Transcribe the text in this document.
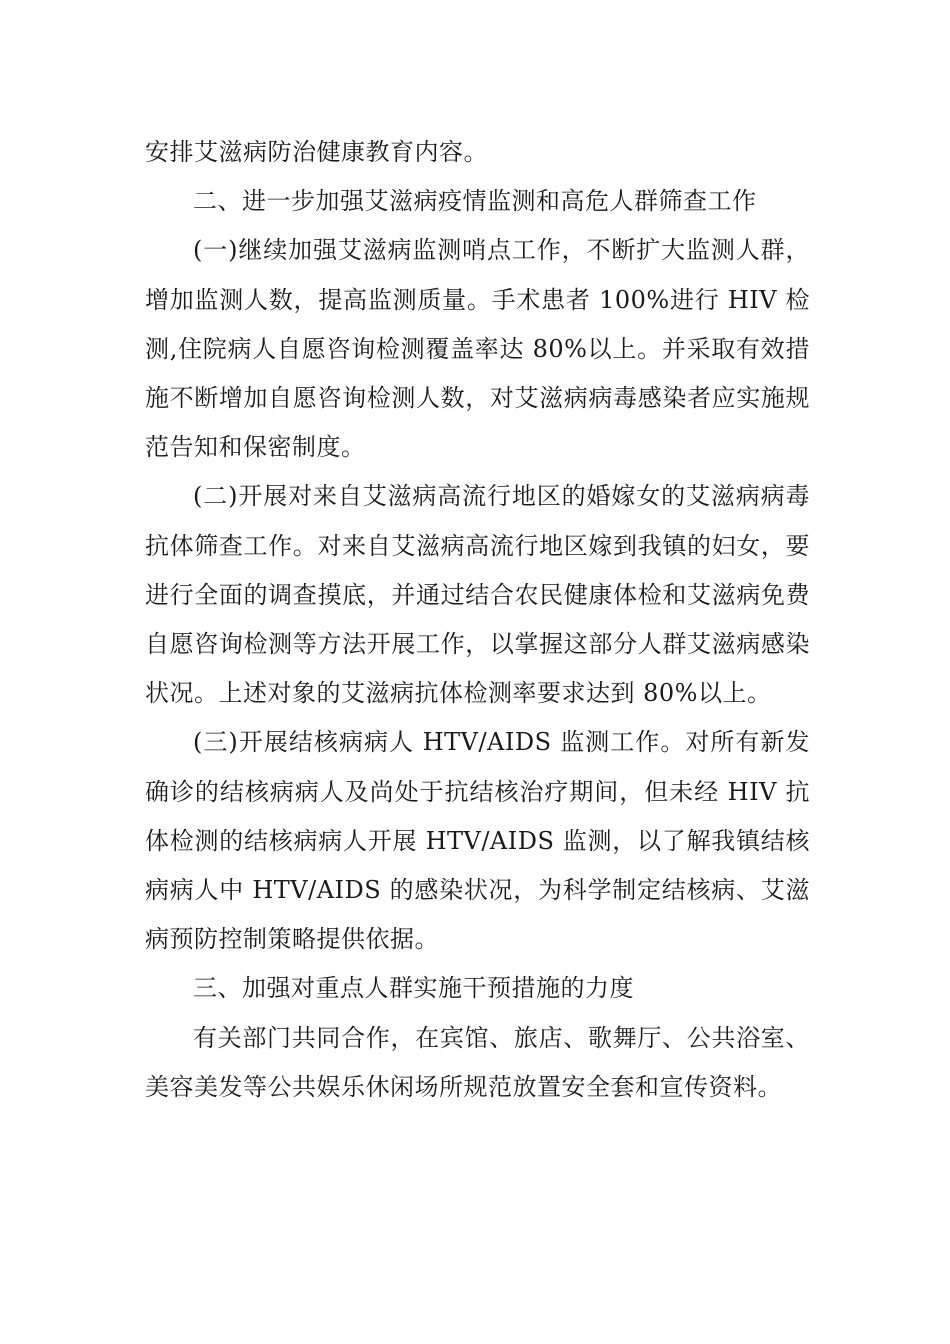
安排艾滋病防治健康教育内容。

二、进一步加强艾滋病疫情监测和高危人群筛查工作

(一)继续加强艾滋病监测哨点工作，不断扩大监测人群，增加监测人数，提高监测质量。手术患者 100%进行 HIV 检测,住院病人自愿咨询检测覆盖率达 80%以上。并采取有效措施不断增加自愿咨询检测人数，对艾滋病病毒感染者应实施规范告知和保密制度。

(二)开展对来自艾滋病高流行地区的婚嫁女的艾滋病病毒抗体筛查工作。对来自艾滋病高流行地区嫁到我镇的妇女，要进行全面的调查摸底，并通过结合农民健康体检和艾滋病免费自愿咨询检测等方法开展工作，以掌握这部分人群艾滋病感染状况。上述对象的艾滋病抗体检测率要求达到 80%以上。

(三)开展结核病病人 HTV/AIDS 监测工作。对所有新发确诊的结核病病人及尚处于抗结核治疗期间，但未经 HIV 抗体检测的结核病病人开展 HTV/AIDS 监测，以了解我镇结核病病人中 HTV/AIDS 的感染状况，为科学制定结核病、艾滋病预防控制策略提供依据。

三、加强对重点人群实施干预措施的力度

有关部门共同合作，在宾馆、旅店、歌舞厅、公共浴室、美容美发等公共娱乐休闲场所规范放置安全套和宣传资料。
